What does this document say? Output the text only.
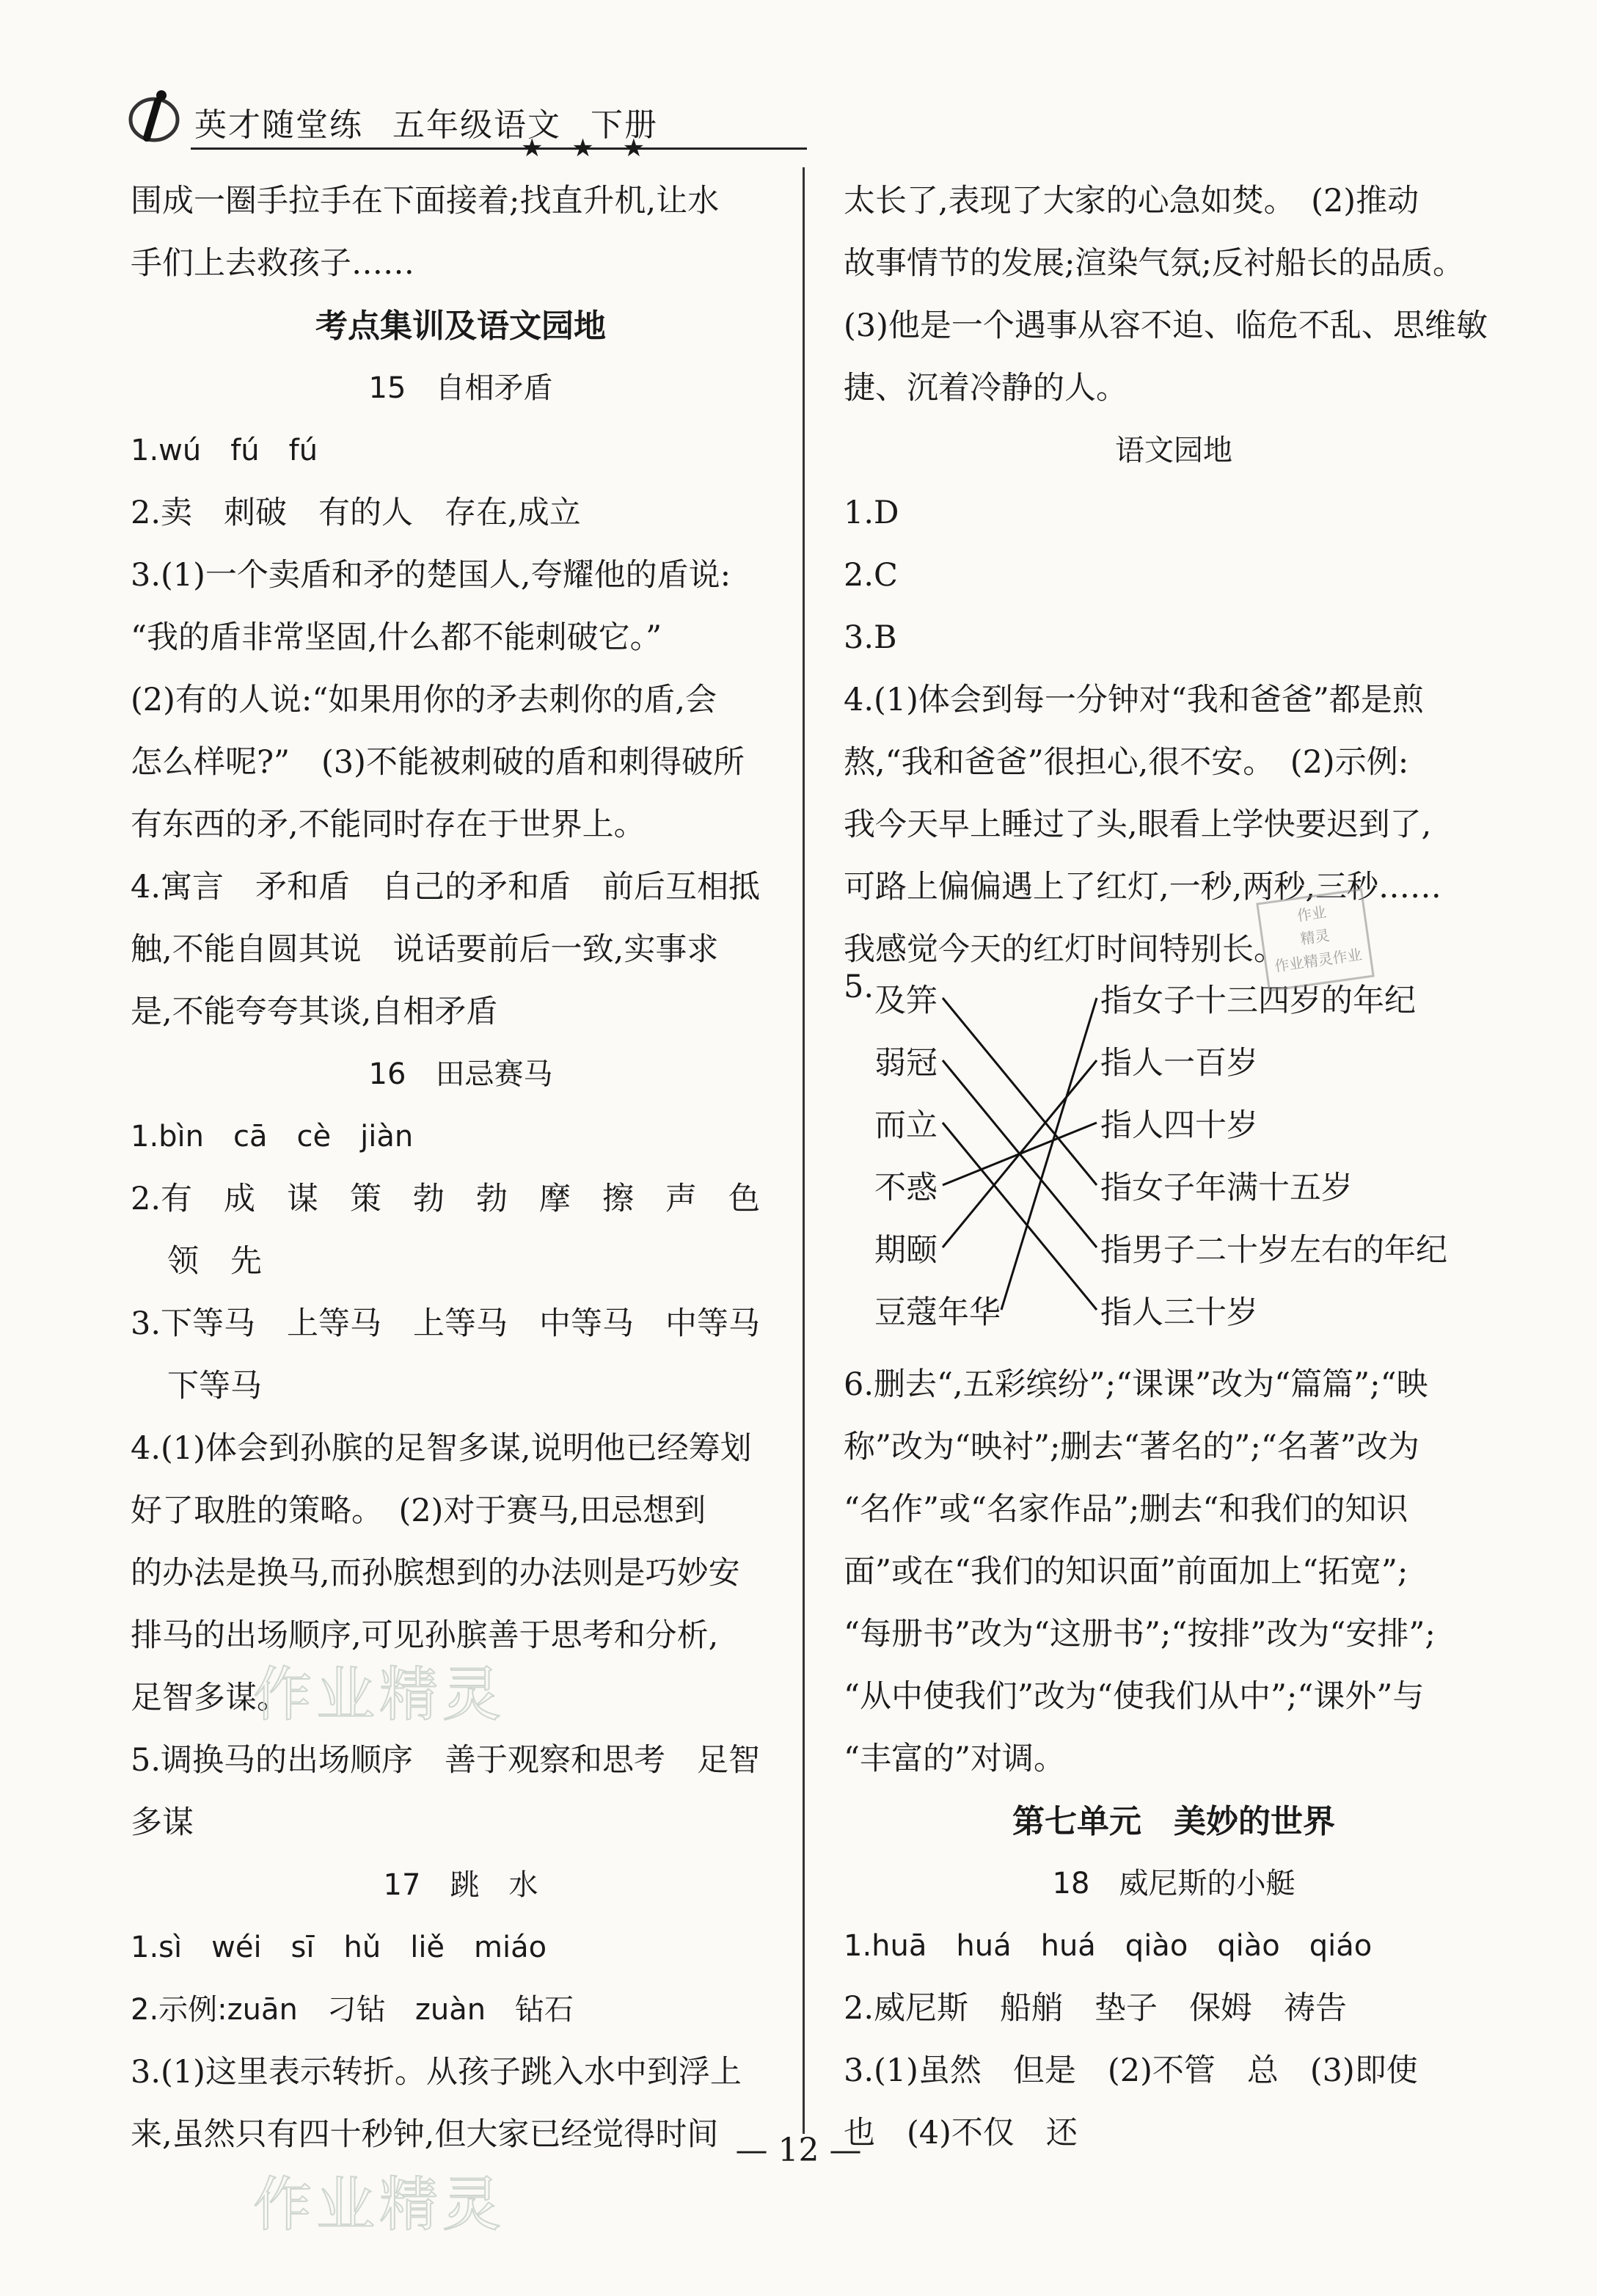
英才随堂练 五年级语文 下册
★ ★ ★
围成一圈手拉手在下面接着;找直升机,让水
手们上去救孩子……
考点集训及语文园地
15　自相矛盾
1.wú　fú　fú
2.卖　刺破　有的人　存在,成立
3.(1)一个卖盾和矛的楚国人,夸耀他的盾说:
“我的盾非常坚固,什么都不能刺破它。”
(2)有的人说:“如果用你的矛去刺你的盾,会
怎么样呢?”　(3)不能被刺破的盾和刺得破所
有东西的矛,不能同时存在于世界上。
4.寓言　矛和盾　自己的矛和盾　前后互相抵
触,不能自圆其说　说话要前后一致,实事求
是,不能夸夸其谈,自相矛盾
16　田忌赛马
1.bìn　cā　cè　jiàn
2.有　成　谋　策　勃　勃　摩　擦　声　色
领　先
3.下等马　上等马　上等马　中等马　中等马
下等马
4.(1)体会到孙膑的足智多谋,说明他已经筹划
好了取胜的策略。　(2)对于赛马,田忌想到
的办法是换马,而孙膑想到的办法则是巧妙安
排马的出场顺序,可见孙膑善于思考和分析,
足智多谋。
5.调换马的出场顺序　善于观察和思考　足智
多谋
17　跳　水
1.sì　wéi　sī　hǔ　liě　miáo
2.示例:zuān　刁钻　zuàn　钻石
3.(1)这里表示转折。从孩子跳入水中到浮上
来,虽然只有四十秒钟,但大家已经觉得时间
太长了,表现了大家的心急如焚。　(2)推动
故事情节的发展;渲染气氛;反衬船长的品质。
(3)他是一个遇事从容不迫、临危不乱、思维敏
捷、沉着冷静的人。
语文园地
1.D
2.C
3.B
4.(1)体会到每一分钟对“我和爸爸”都是煎
熬,“我和爸爸”很担心,很不安。　(2)示例:
我今天早上睡过了头,眼看上学快要迟到了,
可路上偏偏遇上了红灯,一秒,两秒,三秒……
我感觉今天的红灯时间特别长。
5. 及笄
弱冠
而立
不惑
期颐
豆蔻年华
指女子十三四岁的年纪
指人一百岁
指人四十岁
指女子年满十五岁
指男子二十岁左右的年纪
指人三十岁
6.删去“,五彩缤纷”;“课课”改为“篇篇”;“映
称”改为“映衬”;删去“著名的”;“名著”改为
“名作”或“名家作品”;删去“和我们的知识
面”或在“我们的知识面”前面加上“拓宽”;
“每册书”改为“这册书”;“按排”改为“安排”;
“从中使我们”改为“使我们从中”;“课外”与
“丰富的”对调。
第七单元　美妙的世界
18　威尼斯的小艇
1.huā　huá　huá　qiào　qiào　qiáo
2.威尼斯　船艄　垫子　保姆　祷告
3.(1)虽然　但是　(2)不管　总　(3)即使
也　(4)不仅　还
作业
精灵
作业精灵作业
作业精灵
作业精灵
— 12 —
